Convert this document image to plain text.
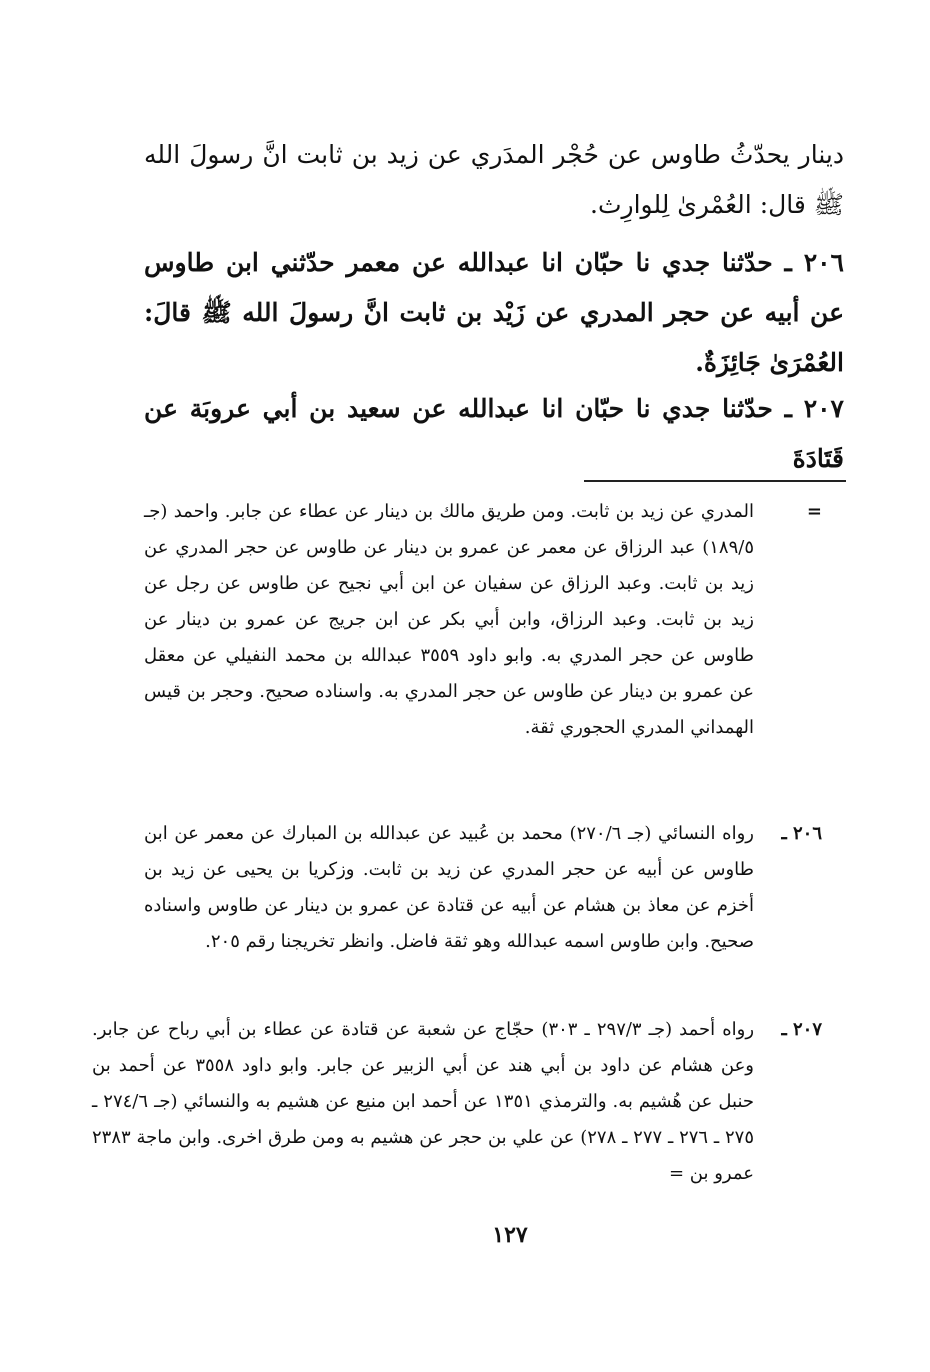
دينار يحدّثُ طاوس عن حُجْر المدَري عن زيد بن ثابت انَّ رسولَ الله ﷺ قال: العُمْرىٰ لِلوارِث.

٢٠٦ ـ حدّثنا جدي نا حبّان انا عبدالله عن معمر حدّثني ابن طاوس عن أبيه عن حجر المدري عن زَيْد بن ثابت انَّ رسولَ الله ﷺ قالَ: العُمْرَىٰ جَائِزَةٌ.

٢٠٧ ـ حدّثنا جدي نا حبّان انا عبدالله عن سعيد بن أبي عروبَة عن قَتَادَةَ

=
المدري عن زيد بن ثابت. ومن طريق مالك بن دينار عن عطاء عن جابر. واحمد (جـ ١٨٩/٥) عبد الرزاق عن معمر عن عمرو بن دينار عن طاوس عن حجر المدري عن زيد بن ثابت. وعبد الرزاق عن سفيان عن ابن أبي نجيح عن طاوس عن رجل عن زيد بن ثابت. وعبد الرزاق، وابن أبي بكر عن ابن جريج عن عمرو بن دينار عن طاوس عن حجر المدري به. وابو داود ٣٥٥٩ عبدالله بن محمد النفيلي عن معقل عن عمرو بن دينار عن طاوس عن حجر المدري به. واسناده صحيح. وحجر بن قيس الهمداني المدري الحجوري ثقة.
٢٠٦ ـ
رواه النسائي (جـ ٢٧٠/٦) محمد بن عُبيد عن عبدالله بن المبارك عن معمر عن ابن طاوس عن أبيه عن حجر المدري عن زيد بن ثابت. وزكريا بن يحيى عن زيد بن أخزم عن معاذ بن هشام عن أبيه عن قتادة عن عمرو بن دينار عن طاوس واسناده صحيح. وابن طاوس اسمه عبدالله وهو ثقة فاضل. وانظر تخريجنا رقم ٢٠٥.
٢٠٧ ـ
رواه أحمد (جـ ٢٩٧/٣ ـ ٣٠٣) حجّاج عن شعبة عن قتادة عن عطاء بن أبي رباح عن جابر. وعن هشام عن داود بن أبي هند عن أبي الزبير عن جابر. وابو داود ٣٥٥٨ عن أحمد بن حنبل عن هُشيم به. والترمذي ١٣٥١ عن أحمد ابن منيع عن هشيم به والنسائي (جـ ٢٧٤/٦ ـ ٢٧٥ ـ ٢٧٦ ـ ٢٧٧ ـ ٢٧٨) عن علي بن حجر عن هشيم به ومن طرق اخرى. وابن ماجة ٢٣٨٣ عمرو بن =
١٢٧
